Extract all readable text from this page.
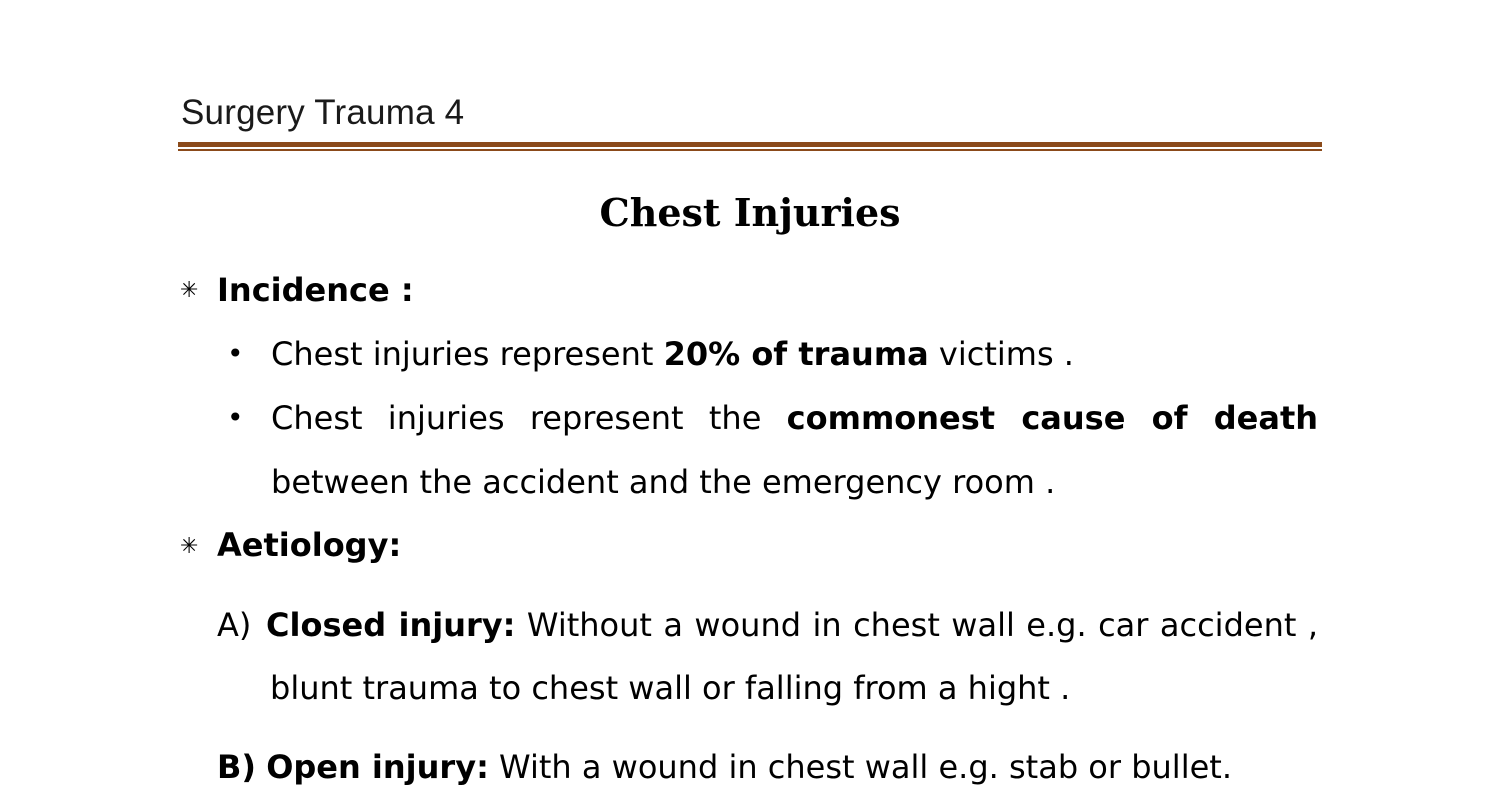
Surgery Trauma 4
Chest Injuries
✳ Incidence :
• Chest injuries represent 20% of trauma victims .
• Chest injuries represent the commonest cause of death
between the accident and the emergency room .
✳ Aetiology:
A) Closed injury: Without a wound in chest wall e.g. car accident ,
blunt trauma to chest wall or falling from a hight .
B) Open injury: With a wound in chest wall e.g. stab or bullet.
